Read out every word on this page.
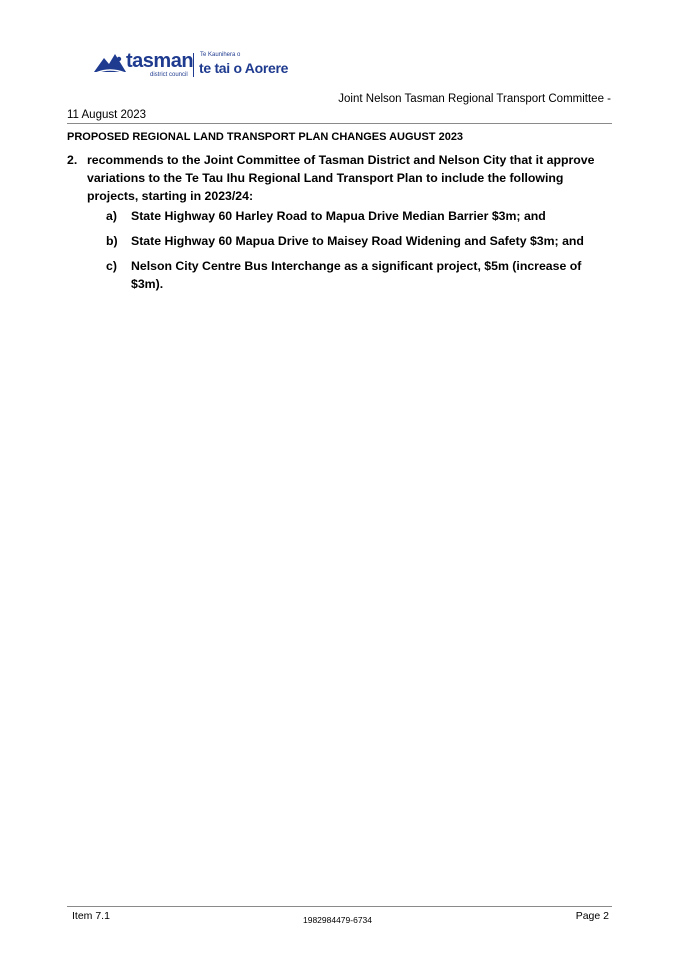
tasman
district council
Te Kaunihera o
te tai o Aorere
Joint Nelson Tasman Regional Transport Committee -
11 August 2023
PROPOSED REGIONAL LAND TRANSPORT PLAN CHANGES AUGUST 2023
2. recommends to the Joint Committee of Tasman District and Nelson City that it approve variations to the Te Tau Ihu Regional Land Transport Plan to include the following projects, starting in 2023/24:
a) State Highway 60 Harley Road to Mapua Drive Median Barrier $3m; and
b) State Highway 60 Mapua Drive to Maisey Road Widening and Safety $3m; and
c) Nelson City Centre Bus Interchange as a significant project, $5m (increase of $3m).
Item 7.1	1982984479-6734	Page 2
